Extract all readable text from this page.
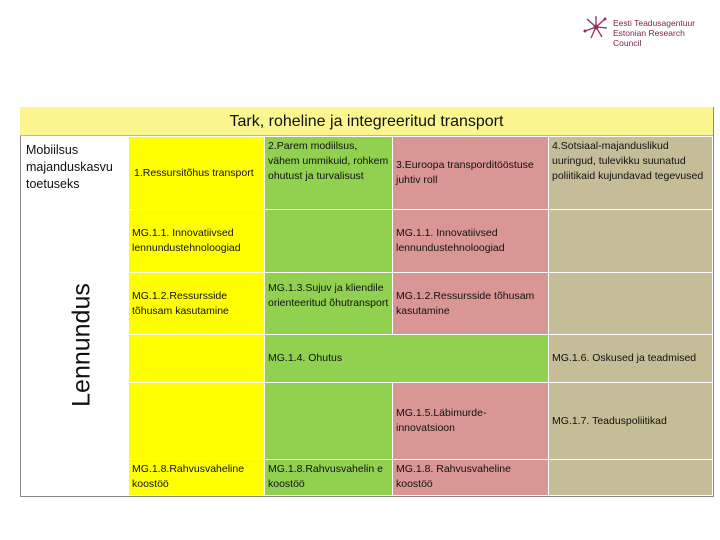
Eesti Teadusagentuur
Estonian Research Council
Tark, roheline ja integreeritud transport
Mobiilsus majanduskasvu toetuseks
Lennundus
1.Ressursitõhus transport
2.Parem modiilsus, vähem ummikuid, rohkem ohutust ja turvalisust
3.Euroopa transporditööstuse juhtiv roll
4.Sotsiaal-majanduslikud uuringud, tulevikku suunatud poliitikaid kujundavad tegevused
MG.1.1. Innovatiivsed lennundustehnoloogiad
MG.1.1. Innovatiivsed lennundustehnoloogiad
MG.1.2.Ressursside tõhusam kasutamine
MG.1.3.Sujuv ja kliendile orienteeritud õhutransport
MG.1.2.Ressursside tõhusam kasutamine
MG.1.4. Ohutus	MG.1.6. Oskused ja teadmised
MG.1.5.Läbimurde-innovatsioon
MG.1.7. Teaduspoliitikad
MG.1.8.Rahvusvaheline koostöö
MG.1.8.Rahvusvahelin e koostöö
MG.1.8. Rahvusvaheline koostöö
